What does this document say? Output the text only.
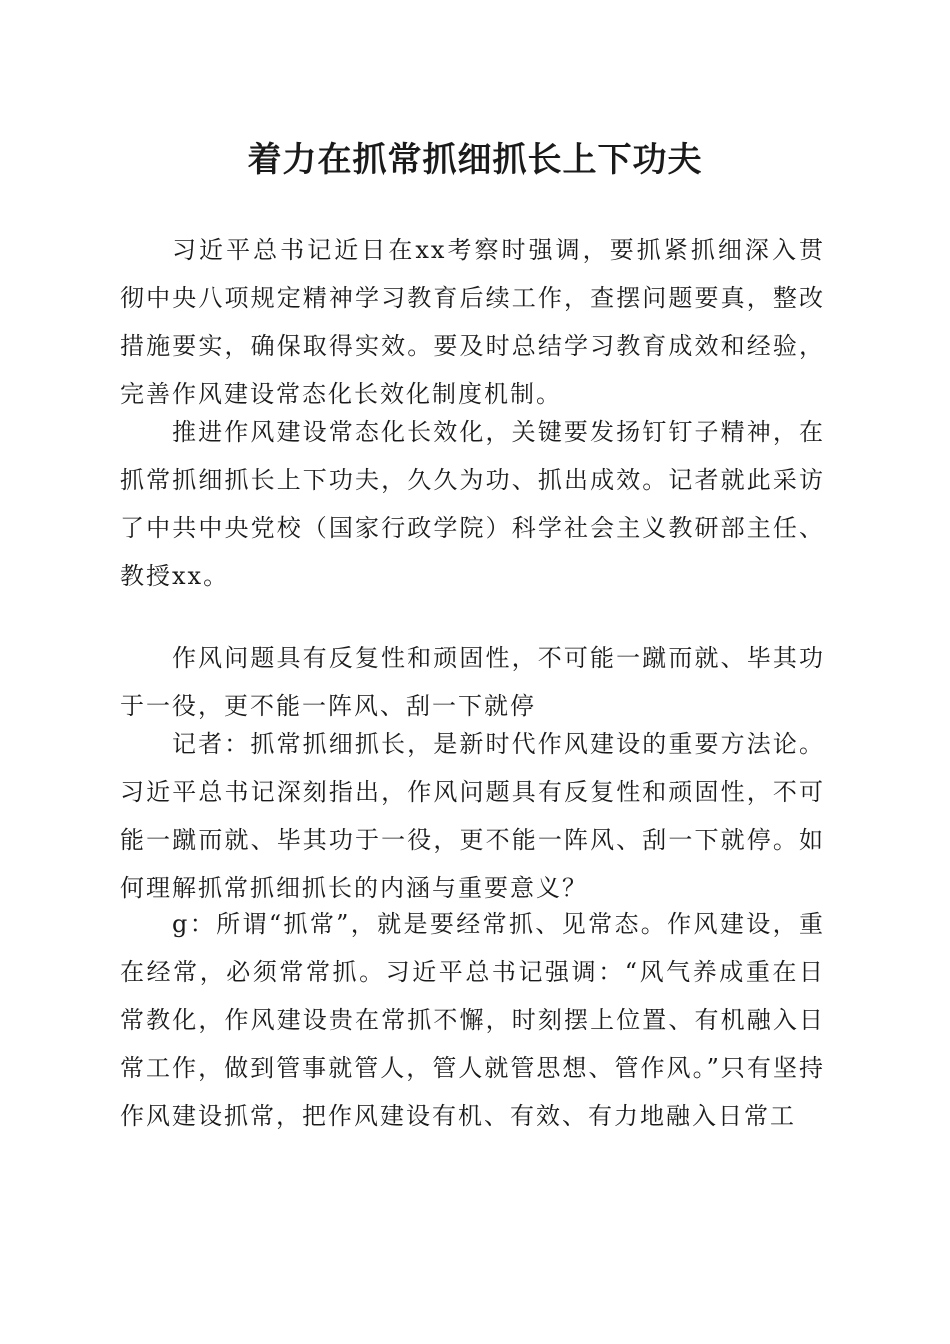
着力在抓常抓细抓长上下功夫

习近平总书记近日在xx考察时强调，要抓紧抓细深入贯彻中央八项规定精神学习教育后续工作，查摆问题要真，整改措施要实，确保取得实效。要及时总结学习教育成效和经验，完善作风建设常态化长效化制度机制。

推进作风建设常态化长效化，关键要发扬钉钉子精神，在抓常抓细抓长上下功夫，久久为功、抓出成效。记者就此采访了中共中央党校（国家行政学院）科学社会主义教研部主任、教授xx。

作风问题具有反复性和顽固性，不可能一蹴而就、毕其功于一役，更不能一阵风、刮一下就停

记者：抓常抓细抓长，是新时代作风建设的重要方法论。习近平总书记深刻指出，作风问题具有反复性和顽固性，不可能一蹴而就、毕其功于一役，更不能一阵风、刮一下就停。如何理解抓常抓细抓长的内涵与重要意义？

g：所谓“抓常”，就是要经常抓、见常态。作风建设，重在经常，必须常常抓。习近平总书记强调：“风气养成重在日常教化，作风建设贵在常抓不懈，时刻摆上位置、有机融入日常工作，做到管事就管人，管人就管思想、管作风。”只有坚持作风建设抓常，把作风建设有机、有效、有力地融入日常工
